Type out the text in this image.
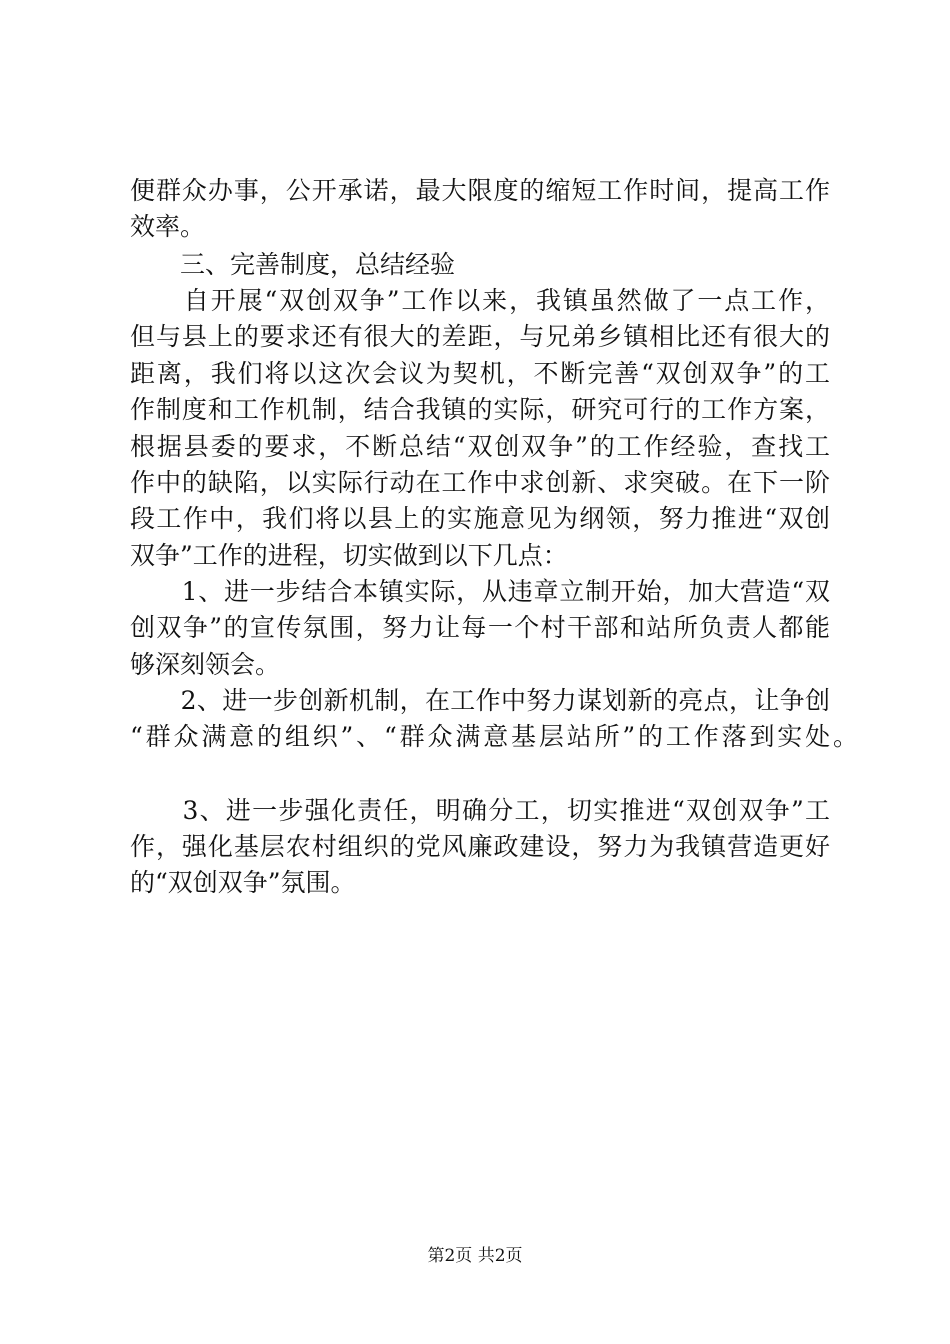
便群众办事，公开承诺，最大限度的缩短工作时间，提高工作
效率。
　　三、完善制度，总结经验
　　自开展“双创双争”工作以来，我镇虽然做了一点工作，
但与县上的要求还有很大的差距，与兄弟乡镇相比还有很大的
距离，我们将以这次会议为契机，不断完善“双创双争”的工
作制度和工作机制，结合我镇的实际，研究可行的工作方案，
根据县委的要求，不断总结“双创双争”的工作经验，查找工
作中的缺陷，以实际行动在工作中求创新、求突破。在下一阶
段工作中，我们将以县上的实施意见为纲领，努力推进“双创
双争”工作的进程，切实做到以下几点：
　　1、进一步结合本镇实际，从违章立制开始，加大营造“双
创双争”的宣传氛围，努力让每一个村干部和站所负责人都能
够深刻领会。
　　2、进一步创新机制，在工作中努力谋划新的亮点，让争创
“群众满意的组织”、“群众满意基层站所”的工作落到实处。
　　3、进一步强化责任，明确分工，切实推进“双创双争”工
作，强化基层农村组织的党风廉政建设，努力为我镇营造更好
的“双创双争”氛围。
第2页 共2页
